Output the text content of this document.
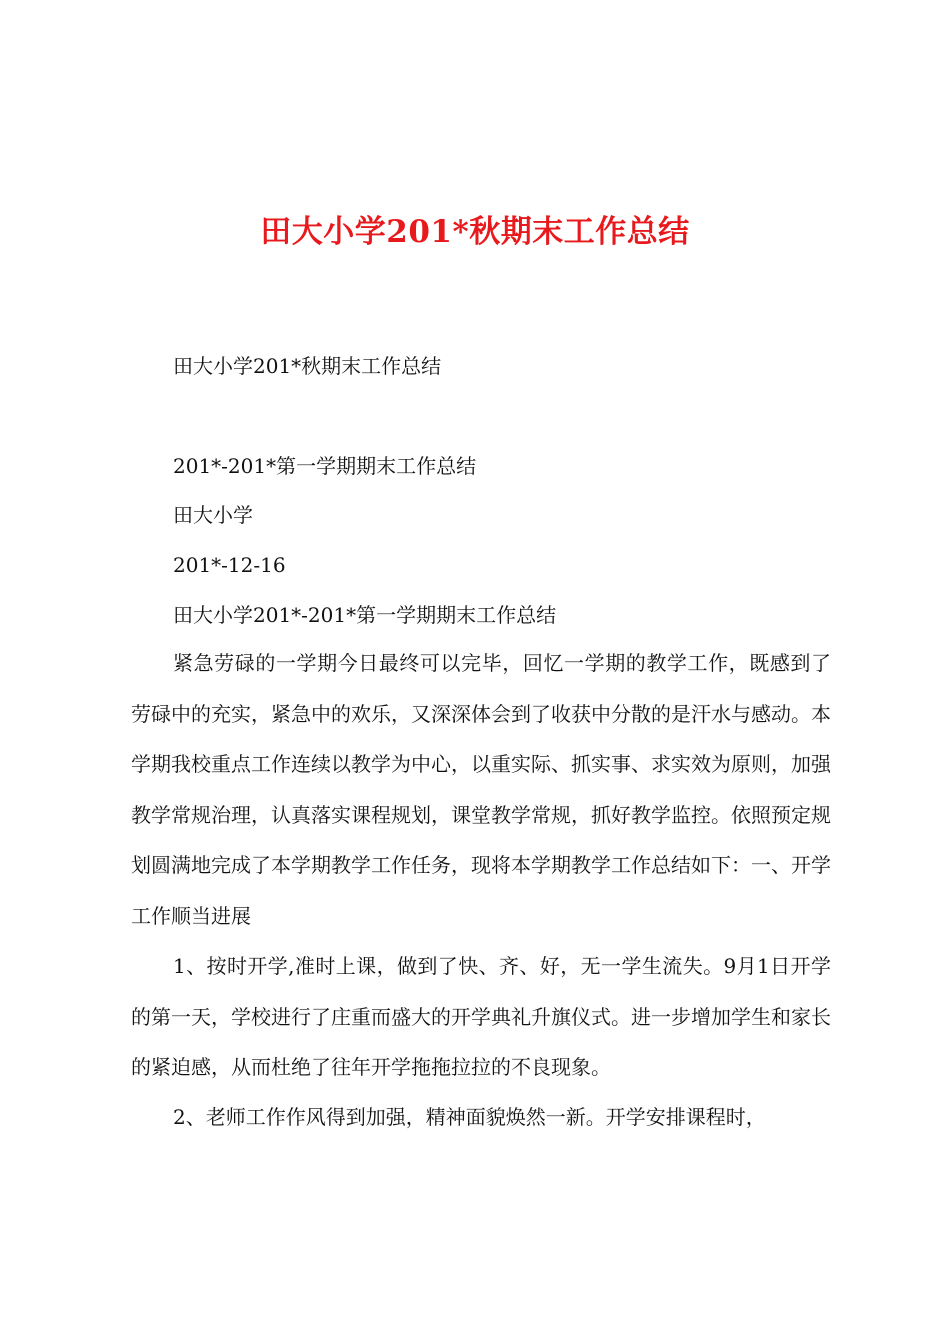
田大小学201*秋期末工作总结
田大小学201*秋期末工作总结
201*-201*第一学期期末工作总结
田大小学
201*-12-16
田大小学201*-201*第一学期期末工作总结

紧急劳碌的一学期今日最终可以完毕，回忆一学期的教学工作，既感到了劳碌中的充实，紧急中的欢乐，又深深体会到了收获中分散的是汗水与感动。本学期我校重点工作连续以教学为中心，以重实际、抓实事、求实效为原则，加强教学常规治理，认真落实课程规划，课堂教学常规，抓好教学监控。依照预定规划圆满地完成了本学期教学工作任务，现将本学期教学工作总结如下：一、开学工作顺当进展

1、按时开学,准时上课，做到了快、齐、好，无一学生流失。9月1日开学的第一天，学校进行了庄重而盛大的开学典礼升旗仪式。进一步增加学生和家长的紧迫感，从而杜绝了往年开学拖拖拉拉的不良现象。

2、老师工作作风得到加强，精神面貌焕然一新。开学安排课程时，
